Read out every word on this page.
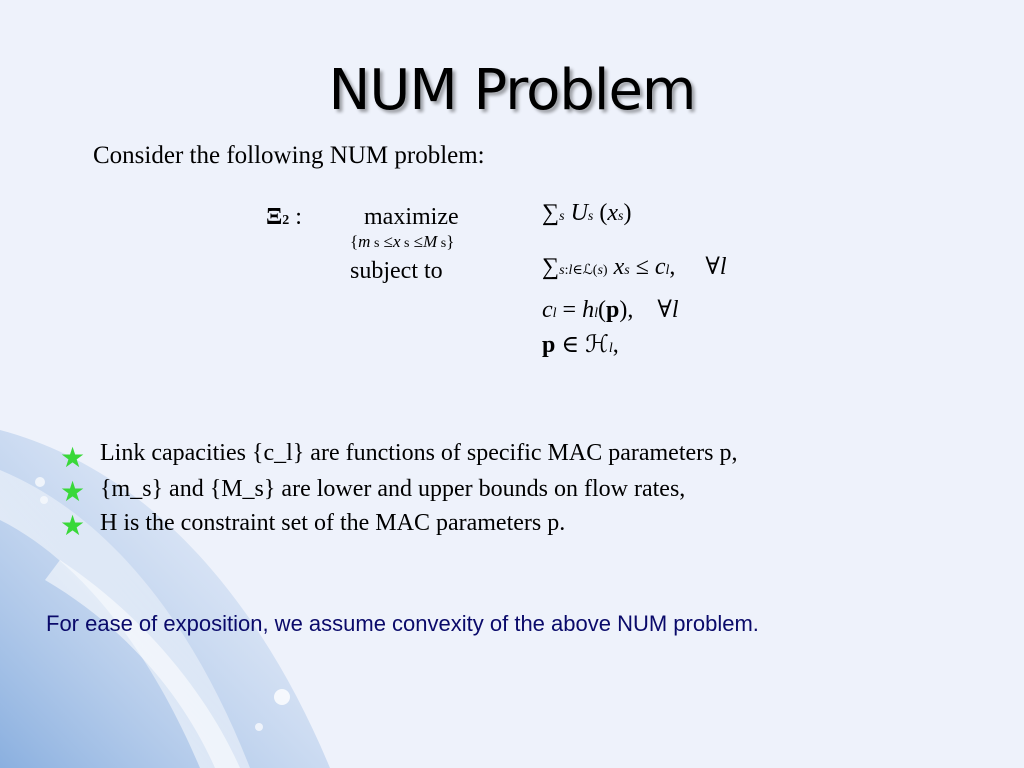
NUM Problem
Consider the following NUM problem:
Ξ2 :	maximize
{m s ≤x s ≤M s}
subject to
∑s Us (xs)
∑s:l∈ℒ(s) xs ≤ cl,     ∀l
cl = hl(p),    ∀l
p ∈ ℋl,
★ Link capacities {c_l} are functions of specific MAC parameters p,
★ {m_s} and {M_s} are lower and upper bounds on flow rates,
★ H is the constraint set of the MAC parameters p.
For ease of exposition, we assume convexity of the above NUM problem.
